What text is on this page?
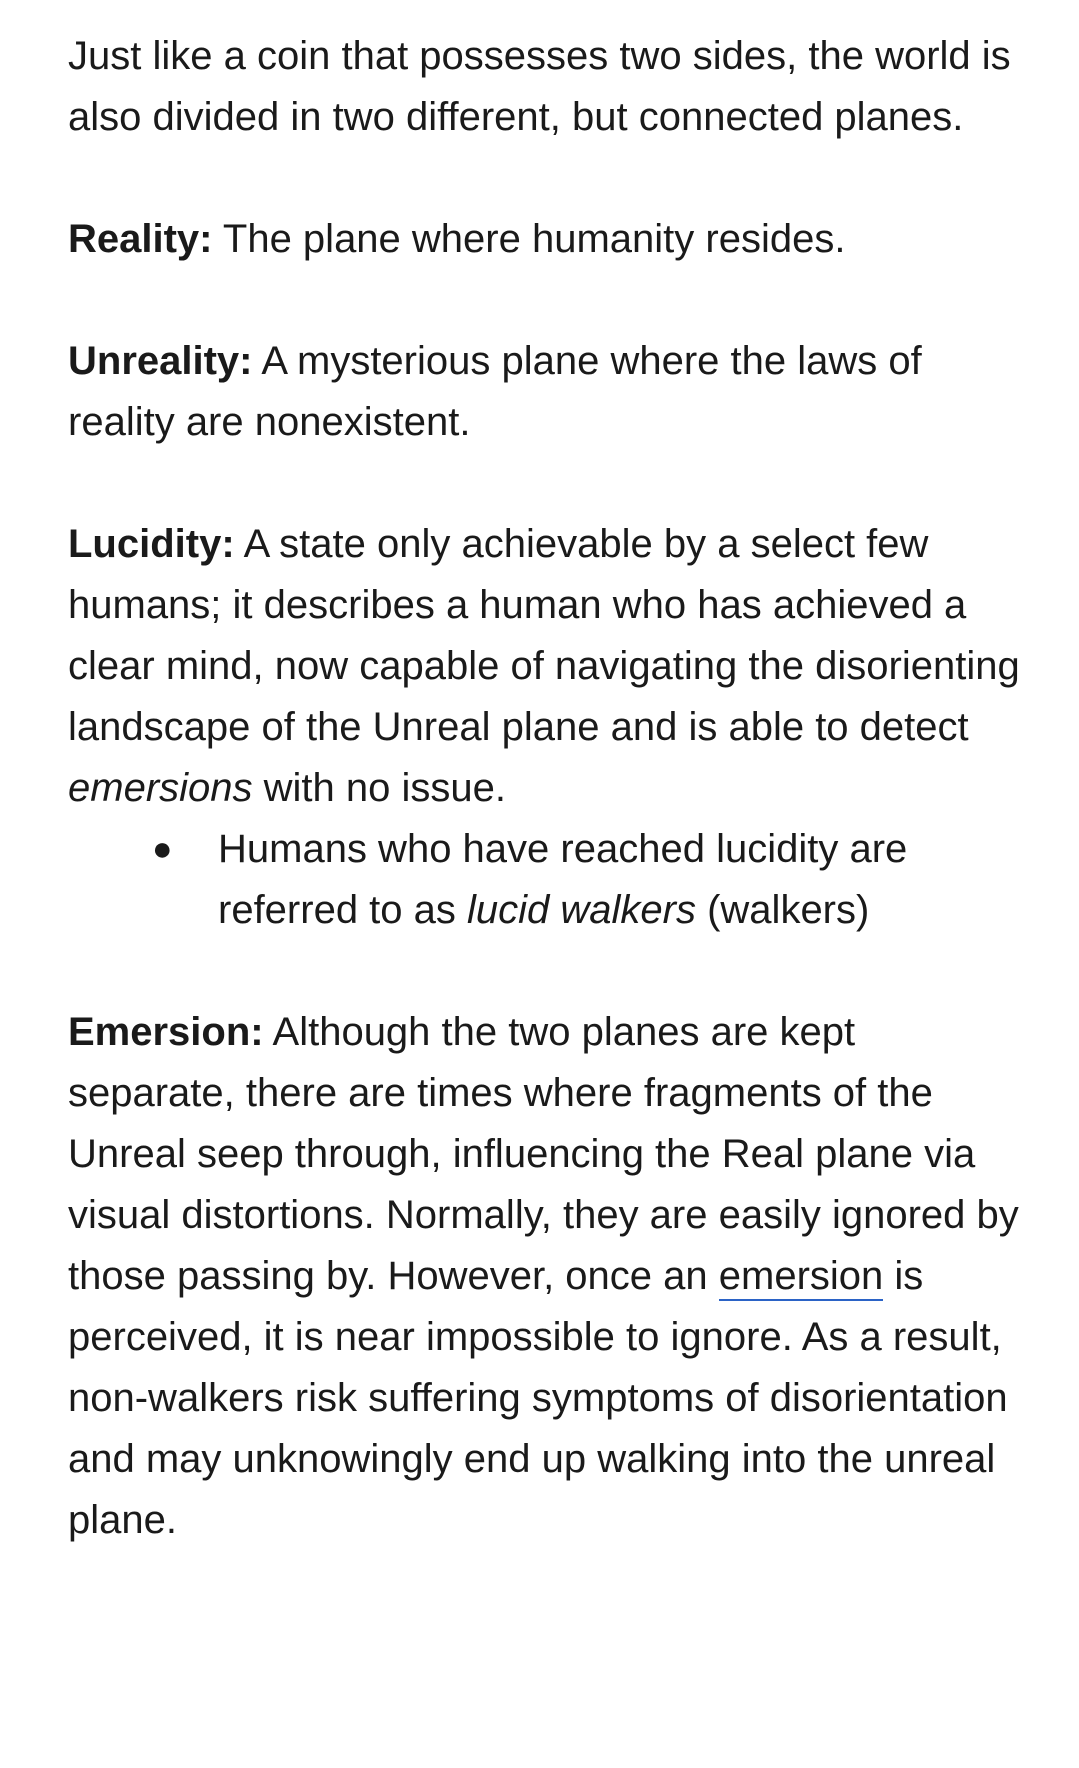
Just like a coin that possesses two sides, the world is also divided in two different, but connected planes.

Reality: The plane where humanity resides.

Unreality: A mysterious plane where the laws of reality are nonexistent.

Lucidity: A state only achievable by a select few humans; it describes a human who has achieved a clear mind, now capable of navigating the disorienting landscape of the Unreal plane and is able to detect emersions with no issue.

● Humans who have reached lucidity are referred to as lucid walkers (walkers)

Emersion: Although the two planes are kept separate, there are times where fragments of the Unreal seep through, influencing the Real plane via visual distortions. Normally, they are easily ignored by those passing by. However, once an emersion is perceived, it is near impossible to ignore. As a result, non-walkers risk suffering symptoms of disorientation and may unknowingly end up walking into the unreal plane.
